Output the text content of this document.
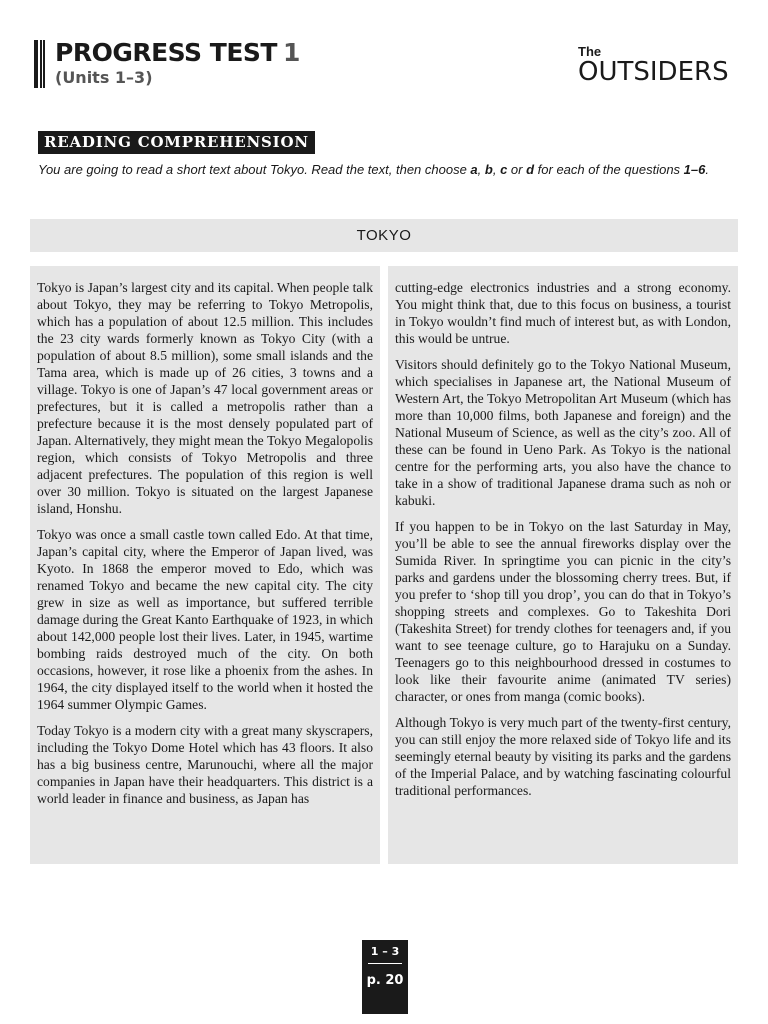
PROGRESS TEST 1
(Units 1–3)
The
OUTSIDERS
READING COMPREHENSION
You are going to read a short text about Tokyo. Read the text, then choose a, b, c or d for each of the questions 1–6.
TOKYO

Tokyo is Japan’s largest city and its capital. When people talk about Tokyo, they may be referring to Tokyo Metropolis, which has a population of about 12.5 million. This includes the 23 city wards formerly known as Tokyo City (with a population of about 8.5 million), some small islands and the Tama area, which is made up of 26 cities, 3 towns and a village. Tokyo is one of Japan’s 47 local government areas or prefectures, but it is called a metropolis rather than a prefecture because it is the most densely populated part of Japan. Alternatively, they might mean the Tokyo Megalopolis region, which consists of Tokyo Metropolis and three adjacent prefectures. The population of this region is well over 30 million. Tokyo is situated on the largest Japanese island, Honshu.

Tokyo was once a small castle town called Edo. At that time, Japan’s capital city, where the Emperor of Japan lived, was Kyoto. In 1868 the emperor moved to Edo, which was renamed Tokyo and became the new capital city. The city grew in size as well as importance, but suffered terrible damage during the Great Kanto Earthquake of 1923, in which about 142,000 people lost their lives. Later, in 1945, wartime bombing raids destroyed much of the city. On both occasions, however, it rose like a phoenix from the ashes. In 1964, the city displayed itself to the world when it hosted the 1964 summer Olympic Games.

Today Tokyo is a modern city with a great many skyscrapers, including the Tokyo Dome Hotel which has 43 floors. It also has a big business centre, Marunouchi, where all the major companies in Japan have their headquarters. This district is a world leader in finance and business, as Japan has

cutting-edge electronics industries and a strong economy. You might think that, due to this focus on business, a tourist in Tokyo wouldn’t find much of interest but, as with London, this would be untrue.

Visitors should definitely go to the Tokyo National Museum, which specialises in Japanese art, the National Museum of Western Art, the Tokyo Metropolitan Art Museum (which has more than 10,000 films, both Japanese and foreign) and the National Museum of Science, as well as the city’s zoo. All of these can be found in Ueno Park. As Tokyo is the national centre for the performing arts, you also have the chance to take in a show of traditional Japanese drama such as noh or kabuki.

If you happen to be in Tokyo on the last Saturday in May, you’ll be able to see the annual fireworks display over the Sumida River. In springtime you can picnic in the city’s parks and gardens under the blossoming cherry trees. But, if you prefer to ‘shop till you drop’, you can do that in Tokyo’s shopping streets and complexes. Go to Takeshita Dori (Takeshita Street) for trendy clothes for teenagers and, if you want to see teenage culture, go to Harajuku on a Sunday. Teenagers go to this neighbourhood dressed in costumes to look like their favourite anime (animated TV series) character, or ones from manga (comic books).

Although Tokyo is very much part of the twenty-first century, you can still enjoy the more relaxed side of Tokyo life and its seemingly eternal beauty by visiting its parks and the gardens of the Imperial Palace, and by watching fascinating colourful traditional performances.

1 – 3
p. 20
